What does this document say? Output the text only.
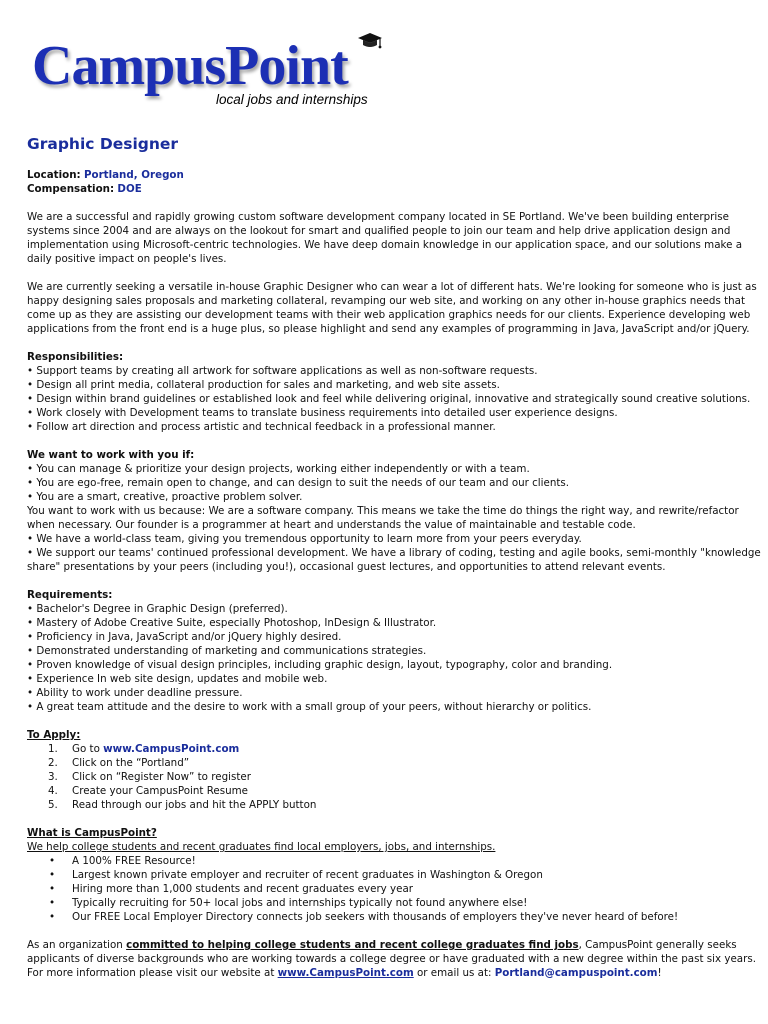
CampusPoint
local jobs and internships
Graphic Designer
Location: Portland, Oregon
Compensation: DOE
We are a successful and rapidly growing custom software development company located in SE Portland. We've been building enterprise
systems since 2004 and are always on the lookout for smart and qualified people to join our team and help drive application design and
implementation using Microsoft-centric technologies. We have deep domain knowledge in our application space, and our solutions make a
daily positive impact on people's lives.
We are currently seeking a versatile in-house Graphic Designer who can wear a lot of different hats. We're looking for someone who is just as
happy designing sales proposals and marketing collateral, revamping our web site, and working on any other in-house graphics needs that
come up as they are assisting our development teams with their web application graphics needs for our clients. Experience developing web
applications from the front end is a huge plus, so please highlight and send any examples of programming in Java, JavaScript and/or jQuery.
Responsibilities:
• Support teams by creating all artwork for software applications as well as non-software requests.
• Design all print media, collateral production for sales and marketing, and web site assets.
• Design within brand guidelines or established look and feel while delivering original, innovative and strategically sound creative solutions.
• Work closely with Development teams to translate business requirements into detailed user experience designs.
• Follow art direction and process artistic and technical feedback in a professional manner.
We want to work with you if:
• You can manage & prioritize your design projects, working either independently or with a team.
• You are ego-free, remain open to change, and can design to suit the needs of our team and our clients.
• You are a smart, creative, proactive problem solver.
You want to work with us because: We are a software company. This means we take the time do things the right way, and rewrite/refactor
when necessary. Our founder is a programmer at heart and understands the value of maintainable and testable code.
• We have a world-class team, giving you tremendous opportunity to learn more from your peers everyday.
• We support our teams' continued professional development. We have a library of coding, testing and agile books, semi-monthly "knowledge
share" presentations by your peers (including you!), occasional guest lectures, and opportunities to attend relevant events.
Requirements:
• Bachelor's Degree in Graphic Design (preferred).
• Mastery of Adobe Creative Suite, especially Photoshop, InDesign & Illustrator.
• Proficiency in Java, JavaScript and/or jQuery highly desired.
• Demonstrated understanding of marketing and communications strategies.
• Proven knowledge of visual design principles, including graphic design, layout, typography, color and branding.
• Experience In web site design, updates and mobile web.
• Ability to work under deadline pressure.
• A great team attitude and the desire to work with a small group of your peers, without hierarchy or politics.
To Apply:
1. Go to www.CampusPoint.com
2. Click on the “Portland”
3. Click on “Register Now” to register
4. Create your CampusPoint Resume
5. Read through our jobs and hit the APPLY button
What is CampusPoint?
We help college students and recent graduates find local employers, jobs, and internships.
• A 100% FREE Resource!
• Largest known private employer and recruiter of recent graduates in Washington & Oregon
• Hiring more than 1,000 students and recent graduates every year
• Typically recruiting for 50+ local jobs and internships typically not found anywhere else!
• Our FREE Local Employer Directory connects job seekers with thousands of employers they've never heard of before!
As an organization committed to helping college students and recent college graduates find jobs, CampusPoint generally seeks
applicants of diverse backgrounds who are working towards a college degree or have graduated with a new degree within the past six years.
For more information please visit our website at www.CampusPoint.com or email us at: Portland@campuspoint.com!
